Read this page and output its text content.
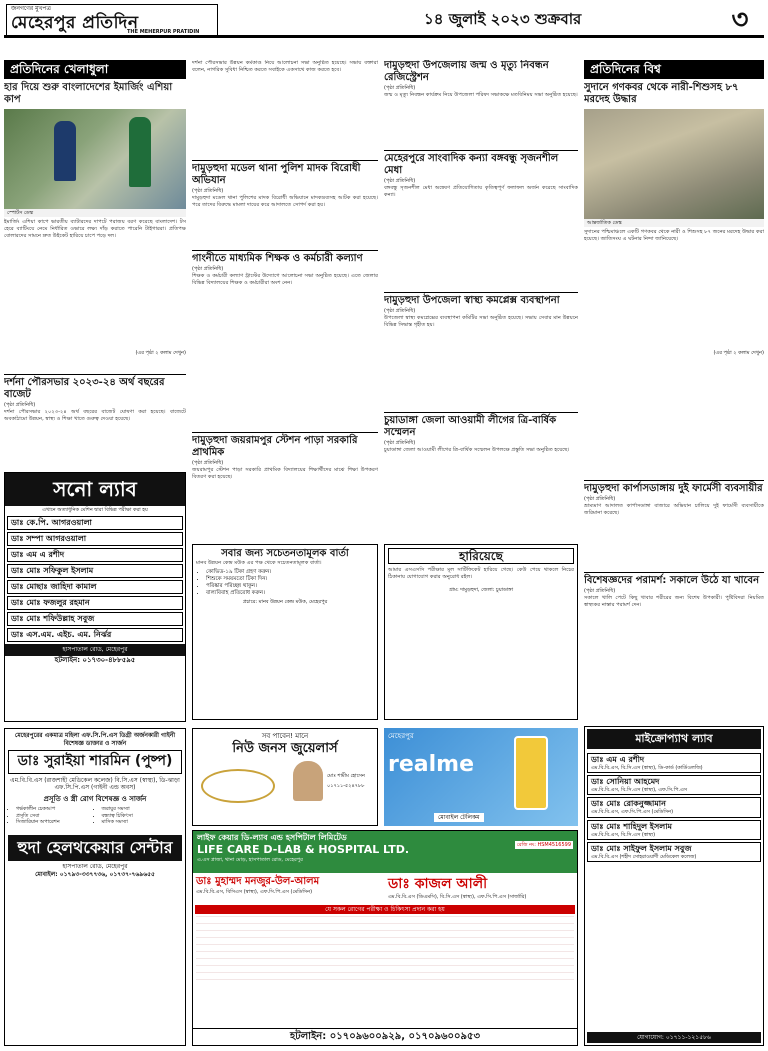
জনগণের মুখপত্র
মেহেরপুর প্রতিদিন
THE MEHERPUR PRATIDIN
১৪ জুলাই ২০২৩ শুক্রবার	৩
প্রতিদিনের খেলাধুলা
হার দিয়ে শুরু বাংলাদেশের ইমার্জিং এশিয়া কাপ
স্পোর্টস ডেস্ক
ইমার্জিং এশিয়া কাপে ভারতীয় ব্যাটারদের দাপটে পরাজয় বরণ করেছে বাংলাদেশ। টস হেরে ব্যাটিংয়ে নেমে নির্ধারিত ওভারে লক্ষ্য দাঁড় করাতে পারেনি টাইগাররা। প্রতিপক্ষ বোলারদের সামনে দ্রুত উইকেট হারিয়ে চাপে পড়ে দল।
(এর পৃষ্ঠা ২ কলাম দেখুন)
দর্শনা পৌরসভার ২০২৩-২৪ অর্থ বছরের বাজেট
(পৃষ্ঠা প্রতিনিধি)
দর্শনা পৌরসভার ২০২৩-২৪ অর্থ বছরের বাজেট ঘোষণা করা হয়েছে। বাজেটে অবকাঠামো উন্নয়ন, স্বাস্থ্য ও শিক্ষা খাতে গুরুত্ব দেওয়া হয়েছে।
দর্শনা পৌরসভার উন্নয়ন কর্মকাণ্ড নিয়ে আলোচনা সভা অনুষ্ঠিত হয়েছে। সভায় বক্তারা বলেন, নাগরিক সুবিধা নিশ্চিত করতে সবাইকে একসাথে কাজ করতে হবে।
দামুড়হুদা মডেল থানা পুলিশ মাদক বিরোধী অভিযান
(পৃষ্ঠা প্রতিনিধি)
দামুড়হুদা মডেল থানা পুলিশের মাদক বিরোধী অভিযানে মাদকদ্রব্যসহ আটক করা হয়েছে। পরে তাদের বিরুদ্ধে মামলা দায়ের করে আদালতে সোপর্দ করা হয়।
গাংনীতে মাধ্যমিক শিক্ষক ও কর্মচারী কল্যাণ
(পৃষ্ঠা প্রতিনিধি)
শিক্ষক ও কর্মচারী কল্যাণ ট্রাস্টের উদ্যোগে আলোচনা সভা অনুষ্ঠিত হয়েছে। এতে জেলার বিভিন্ন বিদ্যালয়ের শিক্ষক ও কর্মচারীরা অংশ নেন।
দামুড়হুদা জয়রামপুর স্টেশন পাড়া সরকারি প্রাথমিক
(পৃষ্ঠা প্রতিনিধি)
জয়রামপুর স্টেশন পাড়া সরকারি প্রাথমিক বিদ্যালয়ের শিক্ষার্থীদের মাঝে শিক্ষা উপকরণ বিতরণ করা হয়েছে।
দামুড়হুদা উপজেলায় জন্ম ও মৃত্যু নিবন্ধন রেজিস্ট্রেশন
(পৃষ্ঠা প্রতিনিধি)
জন্ম ও মৃত্যু নিবন্ধন কার্যক্রম নিয়ে উপজেলা পরিষদ সভাকক্ষে মতবিনিময় সভা অনুষ্ঠিত হয়েছে।
মেহেরপুরে সাংবাদিক কন্যা বঙ্গবন্ধু সৃজনশীল মেধা
(পৃষ্ঠা প্রতিনিধি)
বঙ্গবন্ধু সৃজনশীল মেধা অন্বেষণ প্রতিযোগিতায় কৃতিত্বপূর্ণ ফলাফল অর্জন করেছে সাংবাদিক কন্যা।
দামুড়হুদা উপজেলা স্বাস্থ্য কমপ্লেক্স ব্যবস্থাপনা
(পৃষ্ঠা প্রতিনিধি)
উপজেলা স্বাস্থ্য কমপ্লেক্সের ব্যবস্থাপনা কমিটির সভা অনুষ্ঠিত হয়েছে। সভায় সেবার মান উন্নয়নে বিভিন্ন সিদ্ধান্ত গৃহীত হয়।
চুয়াডাঙ্গা জেলা আওয়ামী লীগের ত্রি-বার্ষিক সম্মেলন
(পৃষ্ঠা প্রতিনিধি)
চুয়াডাঙ্গা জেলা আওয়ামী লীগের ত্রি-বার্ষিক সম্মেলন উপলক্ষে প্রস্তুতি সভা অনুষ্ঠিত হয়েছে।
প্রতিদিনের বিশ্ব
সুদানে গণকবর থেকে নারী-শিশুসহ ৮৭ মরদেহ উদ্ধার
আন্তর্জাতিক ডেস্ক
সুদানের পশ্চিমাঞ্চলে একটি গণকবর থেকে নারী ও শিশুসহ ৮৭ জনের মরদেহ উদ্ধার করা হয়েছে। জাতিসংঘ এ ঘটনার নিন্দা জানিয়েছে।
(এর পৃষ্ঠা ২ কলাম দেখুন)
দামুড়হুদা কার্পাসডাঙ্গায় দুই ফার্মেসী ব্যবসায়ীর
(পৃষ্ঠা প্রতিনিধি)
ভ্রাম্যমাণ আদালত কার্পাসডাঙ্গা বাজারে অভিযান চালিয়ে দুই ফার্মেসী ব্যবসায়ীকে জরিমানা করেছে।
বিশেষজ্ঞদের পরামর্শ: সকালে উঠে যা খাবেন
(পৃষ্ঠা প্রতিনিধি)
সকালে খালি পেটে কিছু খাবার শরীরের জন্য বিশেষ উপকারী। পুষ্টিবিদরা নিয়মিত স্বাস্থ্যকর নাস্তার পরামর্শ দেন।
সনো ল্যাব
এখানে অত্যাধুনিক মেশিন দ্বারা বিভিন্ন পরীক্ষা করা হয়
ডাঃ কে.পি. আগরওয়ালা
ডাঃ সম্পা আগরওয়ালা
ডাঃ এম এ রশীদ
ডাঃ মোঃ সফিকুল ইসলাম
ডাঃ মোছাঃ জাহিদা কামাল
ডাঃ মোঃ ফজলুর রহমান
ডাঃ মোঃ শফিউল্লাহ সবুজ
ডাঃ এস.এম. এইচ. এম. নির্ঝর
হাসপাতাল রোড, মেহেরপুর
হটলাইন: ০১৭৩০-৪৮৮৫৯৫
সবার জন্য সচেতনতামূলক বার্তা
মানব উন্নয়ন কেন্দ্র মউক এর পক্ষ থেকে সচেতনতামূলক বার্তা।
• কোভিড-১৯ টিকা গ্রহণ করুন।
• শিশুকে সময়মতো টিকা দিন।
• পরিষ্কার পরিচ্ছন্ন থাকুন।
• বাল্যবিবাহ প্রতিরোধ করুন।
প্রচারে: মানব উন্নয়ন কেন্দ্র মউক, মেহেরপুর
হারিয়েছে
আমার এসএসসি পরীক্ষার মূল সার্টিফিকেট হারিয়ে গেছে। কেউ পেয়ে থাকলে নিচের ঠিকানায় যোগাযোগ করার অনুরোধ রইল।
গ্রাম: দামুড়হুদা, জেলা: চুয়াডাঙ্গা
মেহেরপুরের একমাত্র মহিলা এফ.সি.পি.এস ডিগ্রী অর্জনকারী গাইনী বিশেষজ্ঞ ডাক্তার ও সার্জন
ডাঃ সুরাইয়া শারমিন (পুষ্প)
এম.বি.বি.এস (রাজশাহী মেডিকেল কলেজ) বি.সি.এস (স্বাস্থ্য), ডি-ঝাড়া এফ.সি.পি.এস (গাইনী এন্ড অবস)
প্রসূতি ও স্ত্রী রোগ বিশেষজ্ঞ ও সার্জন
• গর্ভকালীন চেকআপ
• প্রসূতি সেবা
• সিজারিয়ান অপারেশন
• জরায়ুর সমস্যা
• বন্ধ্যাত্ব চিকিৎসা
• মাসিক সমস্যা
হুদা হেলথকেয়ার সেন্টার
হাসপাতাল রোড, মেহেরপুর
মোবাইল: ০১৭৯৩-৩৩৭৭৩৬, ০১৭৩৭-৭৬৯৬৫৫
সব পাবেন! মানে
নিউ জনস জুয়েলার্স
মোঃ শামীম হোসেন
০১৭১১-৫২৪৭৮৮
মেহেরপুর
realme
মোবাইল টেলিকম
লাইফ কেয়ার ডি-ল্যাব এন্ড হসপিটাল লিমিটেড
LIFE CARE D-LAB & HOSPITAL LTD.
এ.এস প্লাজা, থানা মোড়, হাসপাতাল রোড, মেহেরপুর
রেজি নং: HSM4516599
ডাঃ মুহাম্মদ মনজুর-উল-আলম
এম.বি.বি.এস, বিসিএস (স্বাস্থ্য), এফ.সি.পি.এস (মেডিসিন)	ডাঃ কাজল আলী
এম.বি.বি.এস (ডিএমসি), বি.সি.এস (স্বাস্থ্য), এফ.সি.পি.এস (সার্জারি)
যে সকল রোগের পরীক্ষা ও চিকিৎসা প্রদান করা হয়
হটলাইন: ০১৭০৯৬০০৯২৯, ০১৭০৯৬০০৯৫৩
মাইক্রোপ্যাথ ল্যাব
ডাঃ এম এ রশীদ
এম.বি.বি.এস, বি.সি.এস (স্বাস্থ্য), ডি-কার্ড (কার্ডিওলজি)
ডাঃ সোনিয়া আহমেদ
এম.বি.বি.এস, বি.সি.এস (স্বাস্থ্য), এফ.সি.পি.এস
ডাঃ মোঃ রোকনুজ্জামান
এম.বি.বি.এস, এফ.সি.পি.এস (মেডিসিন)
ডাঃ মোঃ শাহিদুল ইসলাম
এম.বি.বি.এস, বি.সি.এস (স্বাস্থ্য)
ডাঃ মোঃ সাইফুল ইসলাম সবুজ
এম.বি.বি.এস (শহীদ সোহরাওয়ার্দী মেডিকেল কলেজ)
যোগাযোগ: ০১৭১১-১২১৫৮৬
